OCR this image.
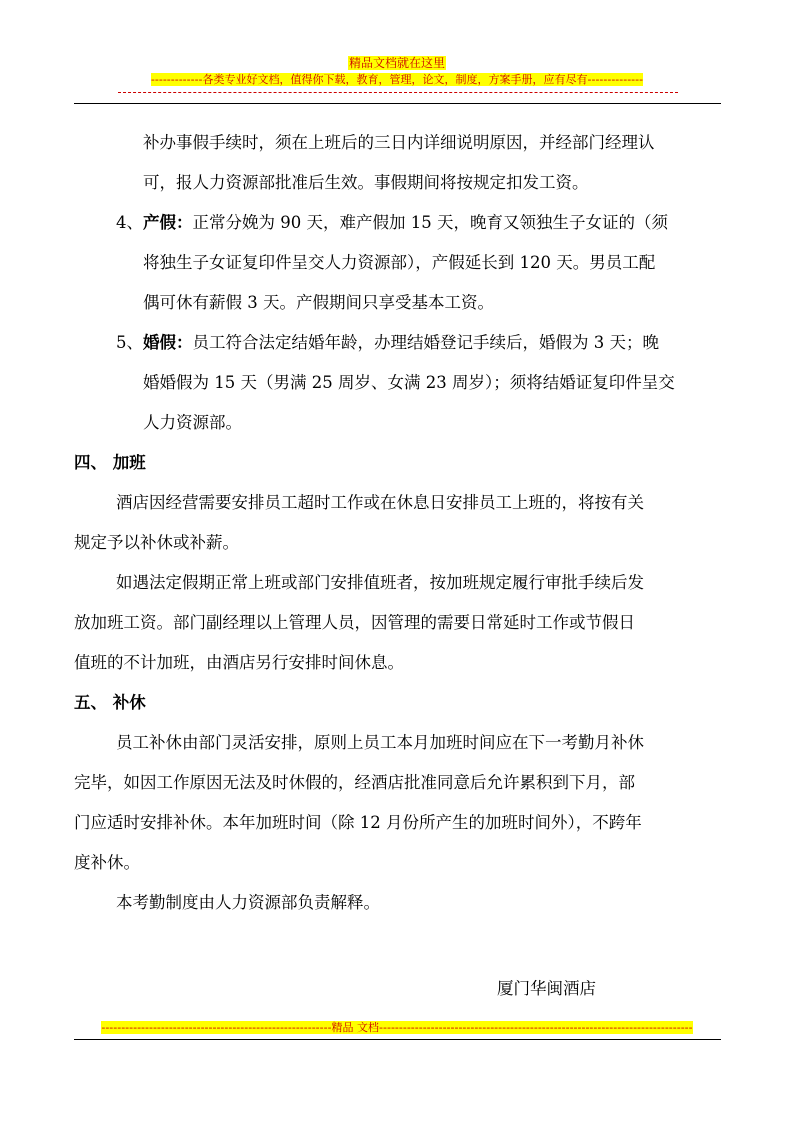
精品文档就在这里
-------------各类专业好文档，值得你下载，教育，管理，论文，制度，方案手册，应有尽有--------------
补办事假手续时，须在上班后的三日内详细说明原因，并经部门经理认
可，报人力资源部批准后生效。事假期间将按规定扣发工资。
4、产假：正常分娩为 90 天，难产假加 15 天，晚育又领独生子女证的（须
将独生子女证复印件呈交人力资源部），产假延长到 120 天。男员工配
偶可休有薪假 3 天。产假期间只享受基本工资。
5、婚假：员工符合法定结婚年龄，办理结婚登记手续后，婚假为 3 天；晚
婚婚假为 15 天（男满 25 周岁、女满 23 周岁）；须将结婚证复印件呈交
人力资源部。
四、 加班
酒店因经营需要安排员工超时工作或在休息日安排员工上班的，将按有关
规定予以补休或补薪。
如遇法定假期正常上班或部门安排值班者，按加班规定履行审批手续后发
放加班工资。部门副经理以上管理人员，因管理的需要日常延时工作或节假日
值班的不计加班，由酒店另行安排时间休息。
五、 补休
员工补休由部门灵活安排，原则上员工本月加班时间应在下一考勤月补休
完毕，如因工作原因无法及时休假的，经酒店批准同意后允许累积到下月，部
门应适时安排补休。本年加班时间（除 12 月份所产生的加班时间外），不跨年
度补休。
本考勤制度由人力资源部负责解释。
厦门华闽酒店
----------------------------------------------------------精品 文档-------------------------------------------------------------------------------
